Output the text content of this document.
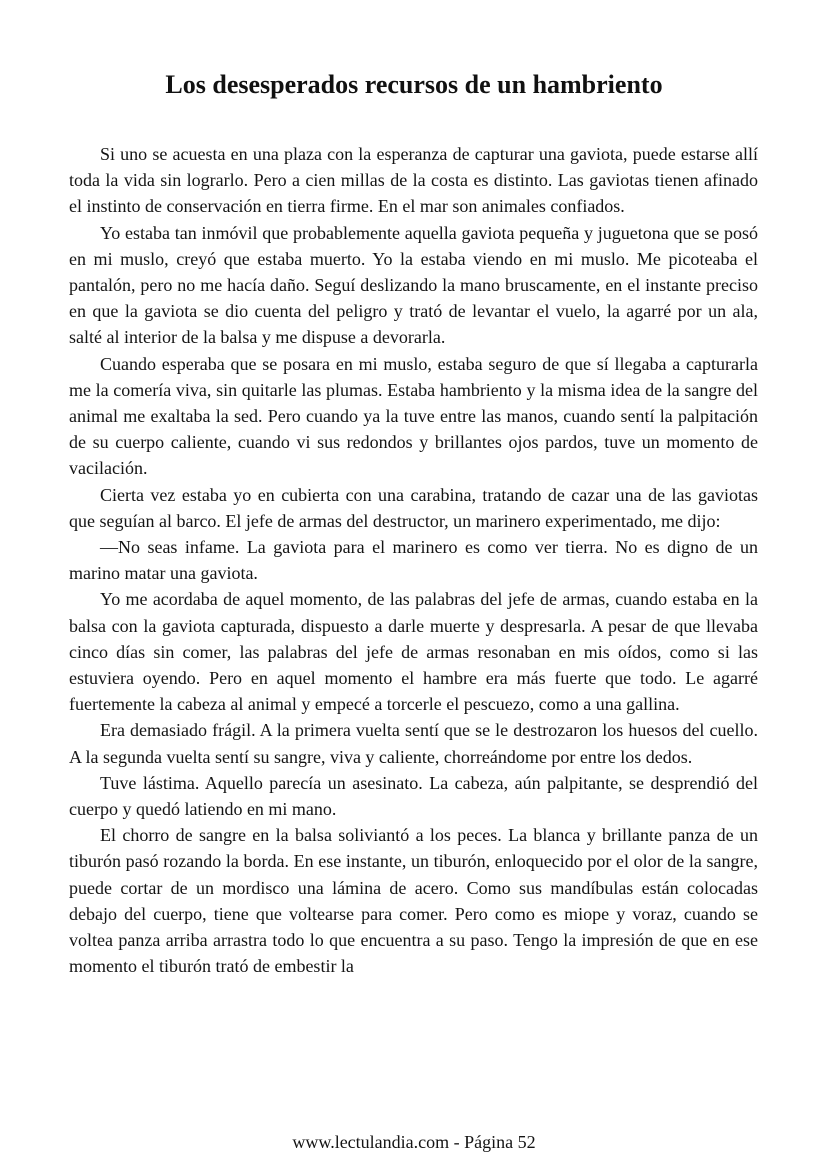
Los desesperados recursos de un hambriento

Si uno se acuesta en una plaza con la esperanza de capturar una gaviota, puede estarse allí toda la vida sin lograrlo. Pero a cien millas de la costa es distinto. Las gaviotas tienen afinado el instinto de conservación en tierra firme. En el mar son animales confiados.

Yo estaba tan inmóvil que probablemente aquella gaviota pequeña y juguetona que se posó en mi muslo, creyó que estaba muerto. Yo la estaba viendo en mi muslo. Me picoteaba el pantalón, pero no me hacía daño. Seguí deslizando la mano bruscamente, en el instante preciso en que la gaviota se dio cuenta del peligro y trató de levantar el vuelo, la agarré por un ala, salté al interior de la balsa y me dispuse a devorarla.

Cuando esperaba que se posara en mi muslo, estaba seguro de que sí llegaba a capturarla me la comería viva, sin quitarle las plumas. Estaba hambriento y la misma idea de la sangre del animal me exaltaba la sed. Pero cuando ya la tuve entre las manos, cuando sentí la palpitación de su cuerpo caliente, cuando vi sus redondos y brillantes ojos pardos, tuve un momento de vacilación.

Cierta vez estaba yo en cubierta con una carabina, tratando de cazar una de las gaviotas que seguían al barco. El jefe de armas del destructor, un marinero experimentado, me dijo:

—No seas infame. La gaviota para el marinero es como ver tierra. No es digno de un marino matar una gaviota.

Yo me acordaba de aquel momento, de las palabras del jefe de armas, cuando estaba en la balsa con la gaviota capturada, dispuesto a darle muerte y despresarla. A pesar de que llevaba cinco días sin comer, las palabras del jefe de armas resonaban en mis oídos, como si las estuviera oyendo. Pero en aquel momento el hambre era más fuerte que todo. Le agarré fuertemente la cabeza al animal y empecé a torcerle el pescuezo, como a una gallina.

Era demasiado frágil. A la primera vuelta sentí que se le destrozaron los huesos del cuello. A la segunda vuelta sentí su sangre, viva y caliente, chorreándome por entre los dedos.

Tuve lástima. Aquello parecía un asesinato. La cabeza, aún palpitante, se desprendió del cuerpo y quedó latiendo en mi mano.

El chorro de sangre en la balsa soliviantó a los peces. La blanca y brillante panza de un tiburón pasó rozando la borda. En ese instante, un tiburón, enloquecido por el olor de la sangre, puede cortar de un mordisco una lámina de acero. Como sus mandíbulas están colocadas debajo del cuerpo, tiene que voltearse para comer. Pero como es miope y voraz, cuando se voltea panza arriba arrastra todo lo que encuentra a su paso. Tengo la impresión de que en ese momento el tiburón trató de embestir la

www.lectulandia.com - Página 52
